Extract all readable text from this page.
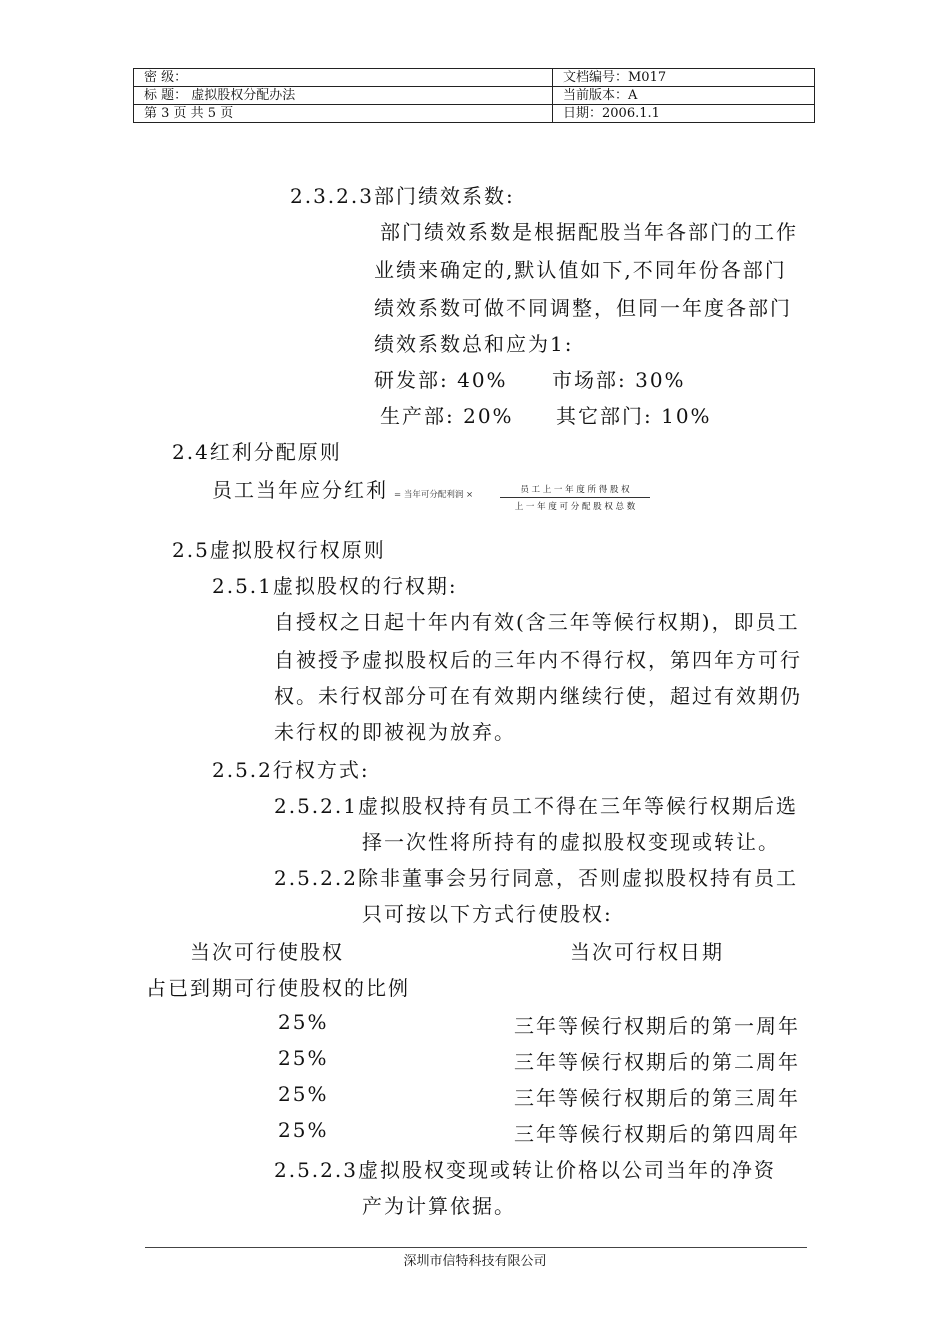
密 级：	文档编号：M017
标 题： 虚拟股权分配办法	当前版本：A
第 3 页 共 5 页	日期：2006.1.1
2.3.2.3部门绩效系数:
部门绩效系数是根据配股当年各部门的工作
业绩来确定的,默认值如下,不同年份各部门
绩效系数可做不同调整，但同一年度各部门
绩效系数总和应为1:
研发部: 40% 市场部: 30%
生产部: 20% 其它部门: 10%
2.4红利分配原则
员工当年应分红利 = 当年可分配利润 ×	员 工 上 一 年 度 所 得 股 权
上 一 年 度 可 分 配 股 权 总 数
2.5虚拟股权行权原则
2.5.1虚拟股权的行权期:
自授权之日起十年内有效(含三年等候行权期)，即员工
自被授予虚拟股权后的三年内不得行权，第四年方可行
权。未行权部分可在有效期内继续行使，超过有效期仍
未行权的即被视为放弃。
2.5.2行权方式:
2.5.2.1虚拟股权持有员工不得在三年等候行权期后选
择一次性将所持有的虚拟股权变现或转让。
2.5.2.2除非董事会另行同意，否则虚拟股权持有员工
只可按以下方式行使股权:
当次可行使股权	当次可行权日期
占已到期可行使股权的比例
25%	三年等候行权期后的第一周年
25%	三年等候行权期后的第二周年
25%	三年等候行权期后的第三周年
25%	三年等候行权期后的第四周年
2.5.2.3虚拟股权变现或转让价格以公司当年的净资
产为计算依据。
深圳市信特科技有限公司
